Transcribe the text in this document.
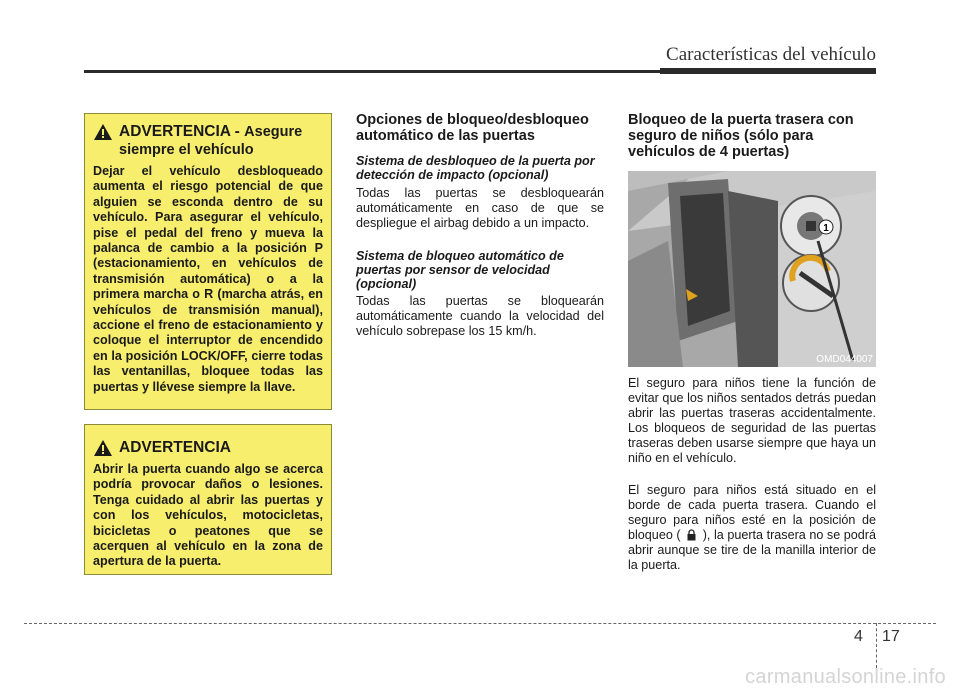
Características del vehículo
ADVERTENCIA - Asegure siempre el vehículo
Dejar el vehículo desbloqueado aumenta el riesgo potencial de que alguien se esconda dentro de su vehículo. Para asegurar el vehículo, pise el pedal del freno y mueva la palanca de cambio a la posición P (estacionamiento, en vehículos de transmisión automática) o a la primera marcha o R (marcha atrás, en vehículos de transmisión manual), accione el freno de estacionamiento y coloque el interruptor de encendido en la posición LOCK/OFF, cierre todas las ventanillas, bloquee todas las puertas y llévese siempre la llave.
ADVERTENCIA
Abrir la puerta cuando algo se acerca podría provocar daños o lesiones. Tenga cuidado al abrir las puertas y con los vehículos, motocicletas, bicicletas o peatones que se acerquen al vehículo en la zona de apertura de la puerta.
Opciones de bloqueo/desbloqueo automático de las puertas
Sistema de desbloqueo de la puerta por detección de impacto (opcional)
Todas las puertas se desbloquearán automáticamente en caso de que se despliegue el airbag debido a un impacto.
Sistema de bloqueo automático de puertas por sensor de velocidad (opcional)
Todas las puertas se bloquearán automáticamente cuando la velocidad del vehículo sobrepase los 15 km/h.
Bloqueo de la puerta trasera con seguro de niños (sólo para vehículos de 4 puertas)
1
OMD044007
El seguro para niños tiene la función de evitar que los niños sentados detrás puedan abrir las puertas traseras accidentalmente. Los bloqueos de seguridad de las puertas traseras deben usarse siempre que haya un niño en el vehículo.
El seguro para niños está situado en el borde de cada puerta trasera. Cuando el seguro para niños esté en la posición de bloqueo ( ), la puerta trasera no se podrá abrir aunque se tire de la manilla interior de la puerta.
4 17
carmanualsonline.info
